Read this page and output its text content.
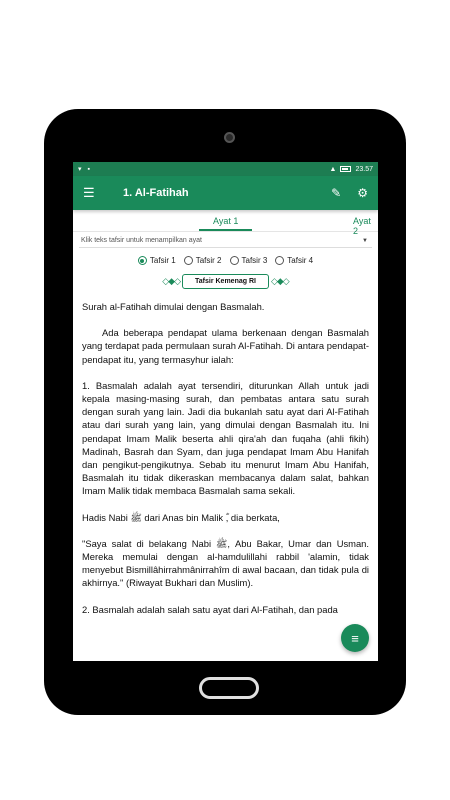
▾ ▪	▲	23.57
☰	1. Al-Fatihah	✎ ⚙
Ayat 1	Ayat 2
Klik teks tafsir untuk menampilkan ayat	▼
Tafsir 1	Tafsir 2	Tafsir 3	Tafsir 4
◇◆◇	Tafsir Kemenag RI	◇◆◇

Surah al-Fatihah dimulai dengan Basmalah.

Ada beberapa pendapat ulama berkenaan dengan Basmalah yang terdapat pada permulaan surah Al-Fatihah. Di antara pendapat-pendapat itu, yang termasyhur ialah:

1. Basmalah adalah ayat tersendiri, diturunkan Allah untuk jadi kepala masing-masing surah, dan pembatas antara satu surah dengan surah yang lain. Jadi dia bukanlah satu ayat dari Al-Fatihah atau dari surah yang lain, yang dimulai dengan Basmalah itu. Ini pendapat Imam Malik beserta ahli qira'ah dan fuqaha (ahli fikih) Madinah, Basrah dan Syam, dan juga pendapat Imam Abu Hanifah dan pengikut-pengikutnya. Sebab itu menurut Imam Abu Hanifah, Basmalah itu tidak dikeraskan membacanya dalam salat, bahkan Imam Malik tidak membaca Basmalah sama sekali.

Hadis Nabi ﷺ dari Anas bin Malik ؓ, dia berkata,

"Saya salat di belakang Nabi ﷺ, Abu Bakar, Umar dan Usman. Mereka memulai dengan al-hamdulillahi rabbil 'alamin, tidak menyebut Bismillâhirrahmânirrahîm di awal bacaan, dan tidak pula di akhirnya." (Riwayat Bukhari dan Muslim).

2. Basmalah adalah salah satu ayat dari Al-Fatihah, dan pada

≡
